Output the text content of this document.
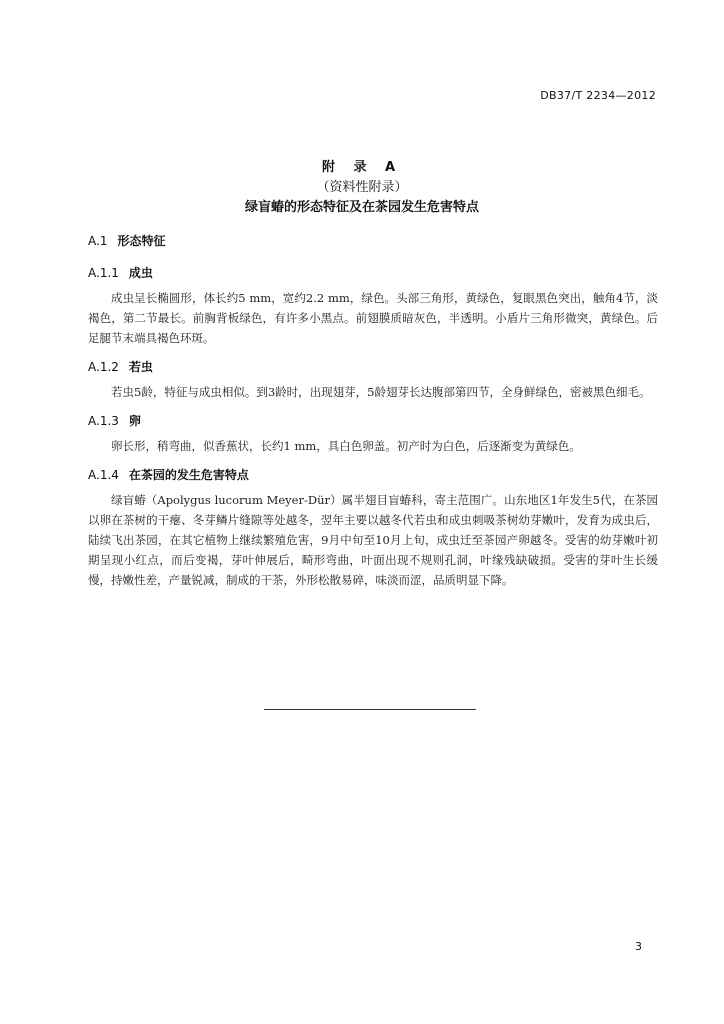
DB37/T 2234—2012
附 录 A
（资料性附录）
绿盲蝽的形态特征及在茶园发生危害特点
A.1 形态特征
A.1.1 成虫

成虫呈长椭圆形，体长约5 mm，宽约2.2 mm，绿色。头部三角形，黄绿色，复眼黑色突出，触角4节，淡褐色，第二节最长。前胸背板绿色，有许多小黑点。前翅膜质暗灰色，半透明。小盾片三角形微突，黄绿色。后足腿节末端具褐色环斑。

A.1.2 若虫

若虫5龄，特征与成虫相似。到3龄时，出现翅芽，5龄翅芽长达腹部第四节，全身鲜绿色，密被黑色细毛。

A.1.3 卵

卵长形，稍弯曲，似香蕉状，长约1 mm，具白色卵盖。初产时为白色，后逐渐变为黄绿色。

A.1.4 在茶园的发生危害特点

绿盲蝽（Apolygus lucorum Meyer-Dür）属半翅目盲蝽科，寄主范围广。山东地区1年发生5代，在茶园以卵在茶树的干瘪、冬芽鳞片缝隙等处越冬，翌年主要以越冬代若虫和成虫刺吸茶树幼芽嫩叶，发育为成虫后，陆续飞出茶园，在其它植物上继续繁殖危害，9月中旬至10月上旬，成虫迁至茶园产卵越冬。受害的幼芽嫩叶初期呈现小红点，而后变褐，芽叶伸展后，畸形弯曲，叶面出现不规则孔洞，叶缘残缺破损。受害的芽叶生长缓慢，持嫩性差，产量锐减，制成的干茶，外形松散易碎，味淡而涩，品质明显下降。

3
